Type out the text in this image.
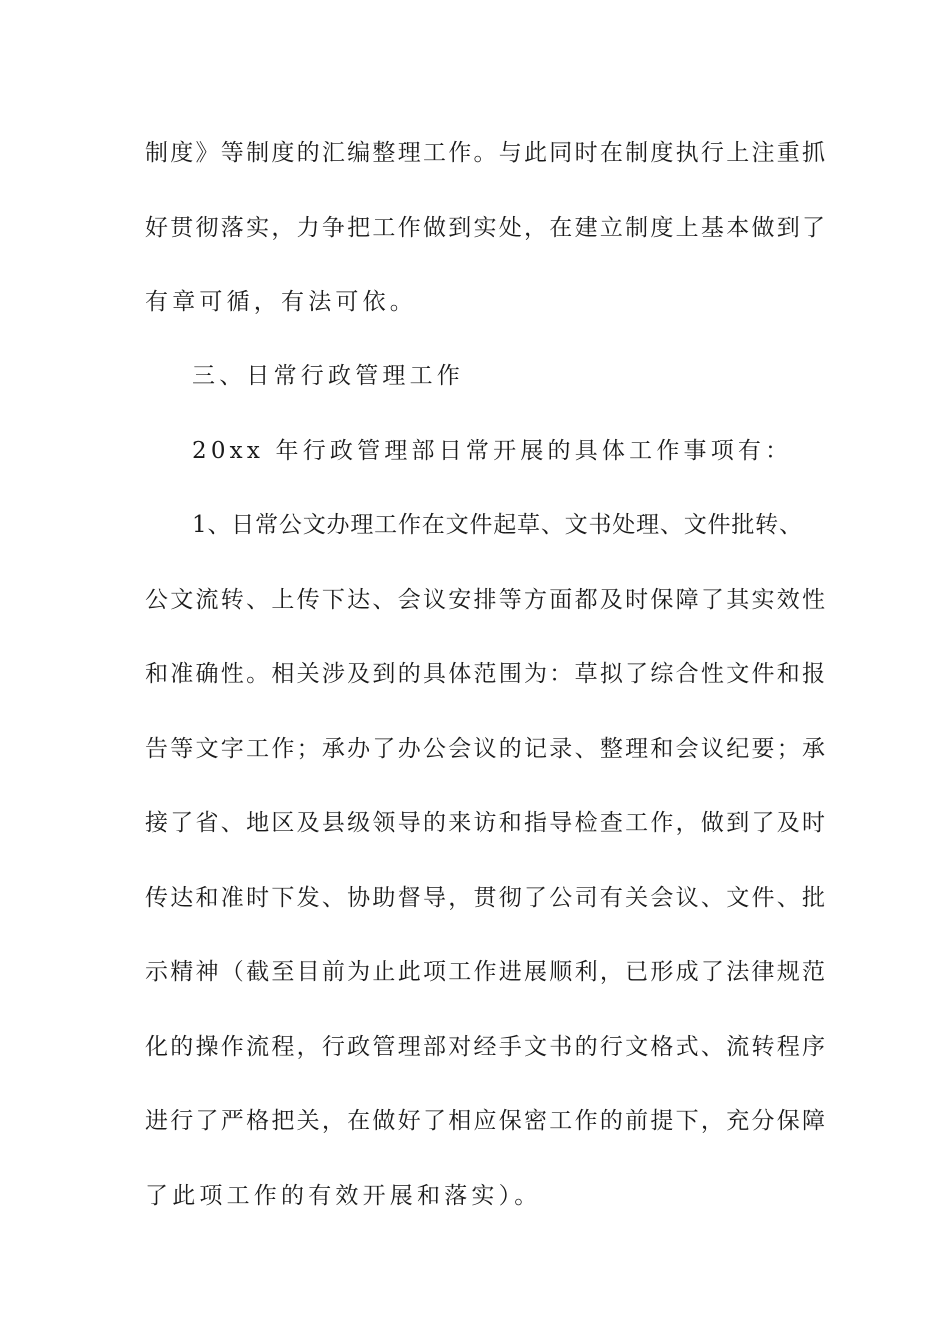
制度》等制度的汇编整理工作。与此同时在制度执行上注重抓
好贯彻落实，力争把工作做到实处，在建立制度上基本做到了
有章可循，有法可依。
三、日常行政管理工作
20xx 年行政管理部日常开展的具体工作事项有：
1、日常公文办理工作在文件起草、文书处理、文件批转、
公文流转、上传下达、会议安排等方面都及时保障了其实效性
和准确性。相关涉及到的具体范围为：草拟了综合性文件和报
告等文字工作；承办了办公会议的记录、整理和会议纪要；承
接了省、地区及县级领导的来访和指导检查工作，做到了及时
传达和准时下发、协助督导，贯彻了公司有关会议、文件、批
示精神（截至目前为止此项工作进展顺利，已形成了法律规范
化的操作流程，行政管理部对经手文书的行文格式、流转程序
进行了严格把关，在做好了相应保密工作的前提下，充分保障
了此项工作的有效开展和落实）。
